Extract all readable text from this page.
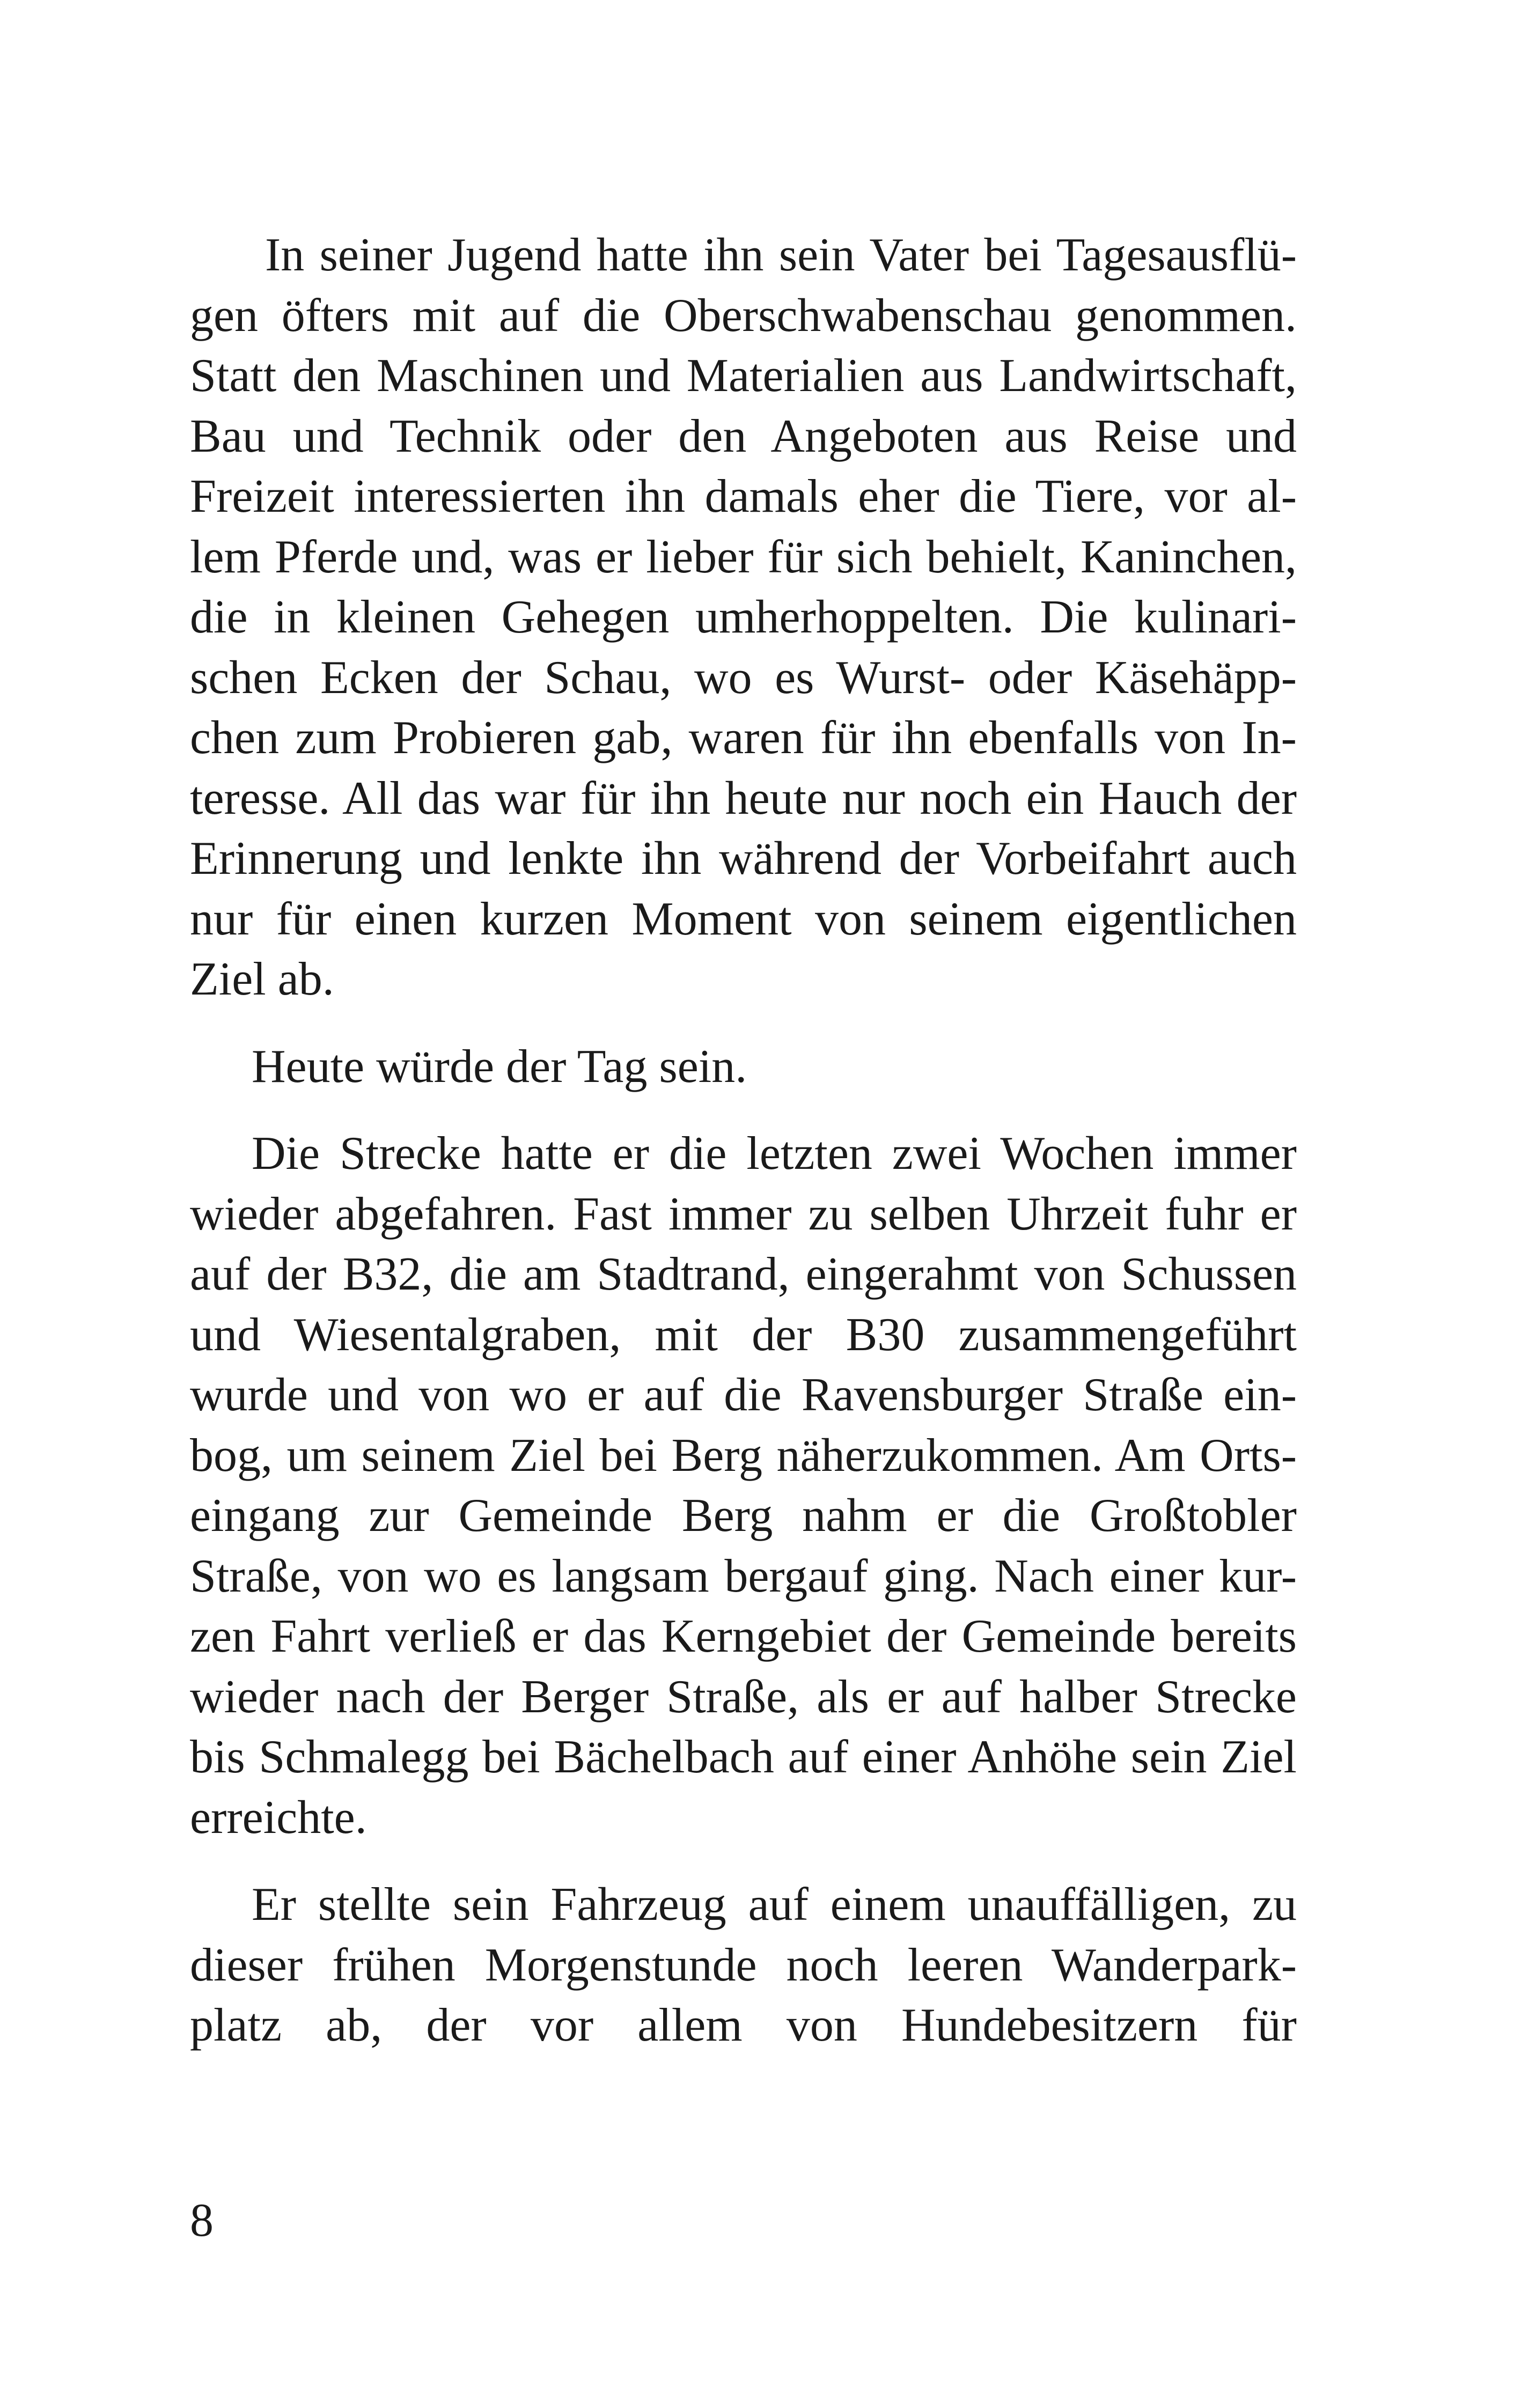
In seiner Jugend hatte ihn sein Vater bei Tagesausflü-
gen öfters mit auf die Oberschwabenschau genommen.
Statt den Maschinen und Materialien aus Landwirtschaft,
Bau und Technik oder den Angeboten aus Reise und
Freizeit interessierten ihn damals eher die Tiere, vor al-
lem Pferde und, was er lieber für sich behielt, Kaninchen,
die in kleinen Gehegen umherhoppelten. Die kulinari-
schen Ecken der Schau, wo es Wurst- oder Käsehäpp-
chen zum Probieren gab, waren für ihn ebenfalls von In-
teresse. All das war für ihn heute nur noch ein Hauch der
Erinnerung und lenkte ihn während der Vorbeifahrt auch
nur für einen kurzen Moment von seinem eigentlichen
Ziel ab.
Heute würde der Tag sein.
Die Strecke hatte er die letzten zwei Wochen immer
wieder abgefahren. Fast immer zu selben Uhrzeit fuhr er
auf der B32, die am Stadtrand, eingerahmt von Schussen
und Wiesentalgraben, mit der B30 zusammengeführt
wurde und von wo er auf die Ravensburger Straße ein-
bog, um seinem Ziel bei Berg näherzukommen. Am Orts-
eingang zur Gemeinde Berg nahm er die Großtobler
Straße, von wo es langsam bergauf ging. Nach einer kur-
zen Fahrt verließ er das Kerngebiet der Gemeinde bereits
wieder nach der Berger Straße, als er auf halber Strecke
bis Schmalegg bei Bächelbach auf einer Anhöhe sein Ziel
erreichte.
Er stellte sein Fahrzeug auf einem unauffälligen, zu
dieser frühen Morgenstunde noch leeren Wanderpark-
platz ab, der vor allem von Hundebesitzern für
8
